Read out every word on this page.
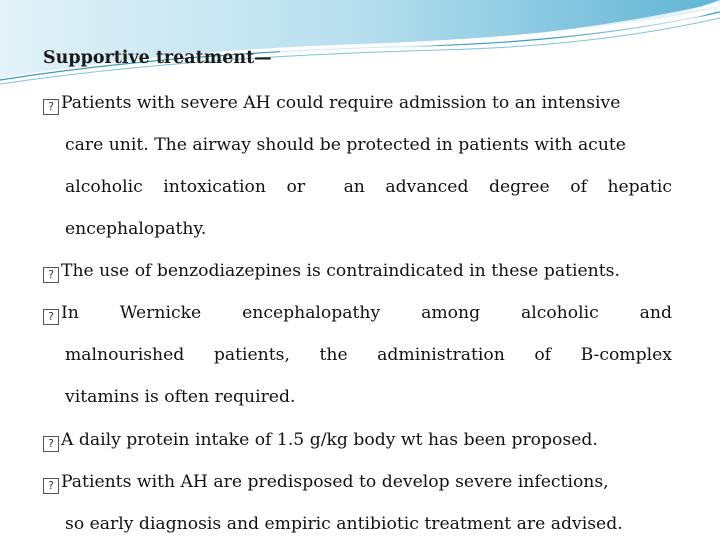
Supportive treatment—
? Patients with severe AH could require admission to an intensive
care unit. The airway should be protected in patients with acute
alcoholic intoxication or an advanced degree of hepatic
encephalopathy.
? The use of benzodiazepines is contraindicated in these patients.
? In Wernicke encephalopathy among alcoholic and
malnourished patients, the administration of B-complex
vitamins is often required.
? A daily protein intake of 1.5 g/kg body wt has been proposed.
? Patients with AH are predisposed to develop severe infections,
so early diagnosis and empiric antibiotic treatment are advised.
